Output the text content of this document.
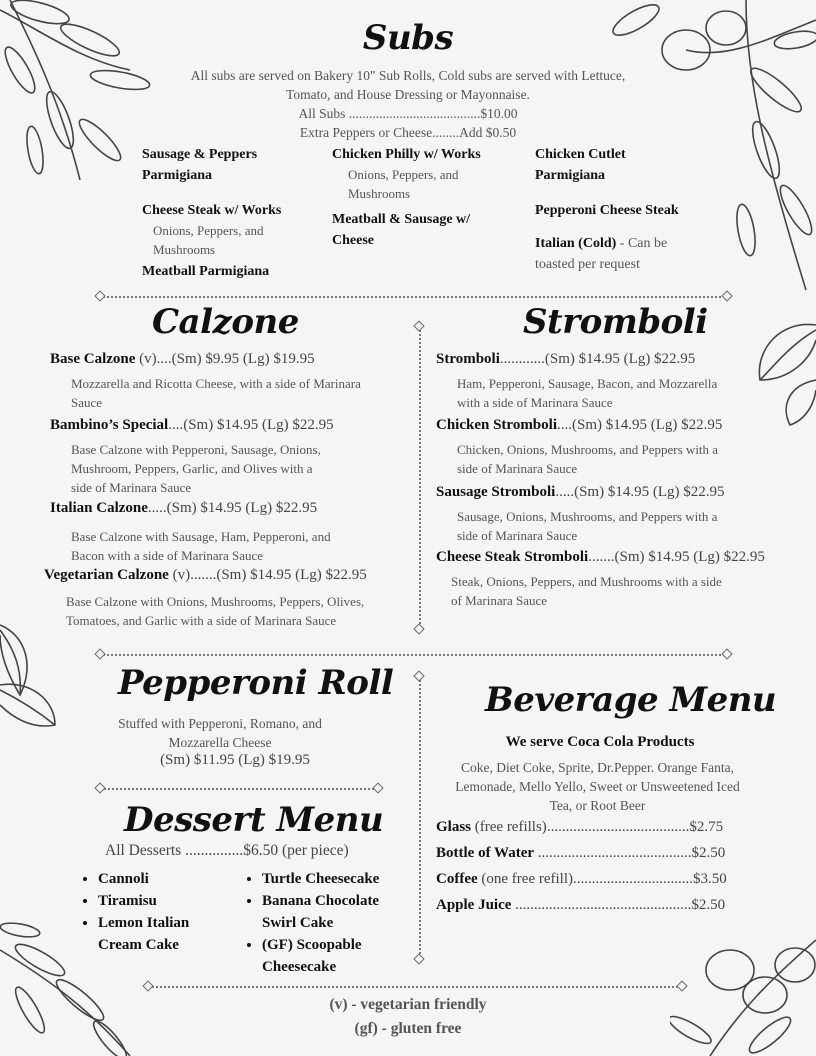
Subs
All subs are served on Bakery 10" Sub Rolls, Cold subs are served with Lettuce,
Tomato, and House Dressing or Mayonnaise.
All Subs .......................................$10.00
Extra Peppers or Cheese........Add $0.50
Sausage & Peppers Parmigiana
Cheese Steak w/ Works
Onions, Peppers, and Mushrooms
Meatball Parmigiana
Chicken Philly w/ Works
Onions, Peppers, and Mushrooms
Meatball & Sausage w/ Cheese
Chicken Cutlet Parmigiana
Pepperoni Cheese Steak
Italian (Cold) - Can be toasted per request
Calzone
Base Calzone (v)....(Sm) $9.95 (Lg) $19.95
Mozzarella and Ricotta Cheese, with a side of Marinara Sauce
Bambino’s Special....(Sm) $14.95 (Lg) $22.95
Base Calzone with Pepperoni, Sausage, Onions, Mushroom, Peppers, Garlic, and Olives with a side of Marinara Sauce
Italian Calzone.....(Sm) $14.95 (Lg) $22.95
Base Calzone with Sausage, Ham, Pepperoni, and Bacon with a side of Marinara Sauce
Vegetarian Calzone (v).......(Sm) $14.95 (Lg) $22.95
Base Calzone with Onions, Mushrooms, Peppers, Olives, Tomatoes, and Garlic with a side of Marinara Sauce
Stromboli
Stromboli............(Sm) $14.95 (Lg) $22.95
Ham, Pepperoni, Sausage, Bacon, and Mozzarella with a side of Marinara Sauce
Chicken Stromboli....(Sm) $14.95 (Lg) $22.95
Chicken, Onions, Mushrooms, and Peppers with a side of Marinara Sauce
Sausage Stromboli.....(Sm) $14.95 (Lg) $22.95
Sausage, Onions, Mushrooms, and Peppers with a side of Marinara Sauce
Cheese Steak Stromboli.......(Sm) $14.95 (Lg) $22.95
Steak, Onions, Peppers, and Mushrooms with a side of Marinara Sauce
Pepperoni Roll
Stuffed with Pepperoni, Romano, and Mozzarella Cheese
(Sm) $11.95 (Lg) $19.95
Dessert Menu
All Desserts ...............$6.50 (per piece)
• Cannoli
• Tiramisu
• Lemon Italian Cream Cake
• Turtle Cheesecake
• Banana Chocolate Swirl Cake
• (GF) Scoopable Cheesecake
Beverage Menu
We serve Coca Cola Products
Coke, Diet Coke, Sprite, Dr.Pepper. Orange Fanta, Lemonade, Mello Yello, Sweet or Unsweetened Iced Tea, or Root Beer
Glass (free refills)......................................$2.75
Bottle of Water .........................................$2.50
Coffee (one free refill)................................$3.50
Apple Juice ...............................................$2.50
(v) - vegetarian friendly
(gf) - gluten free
